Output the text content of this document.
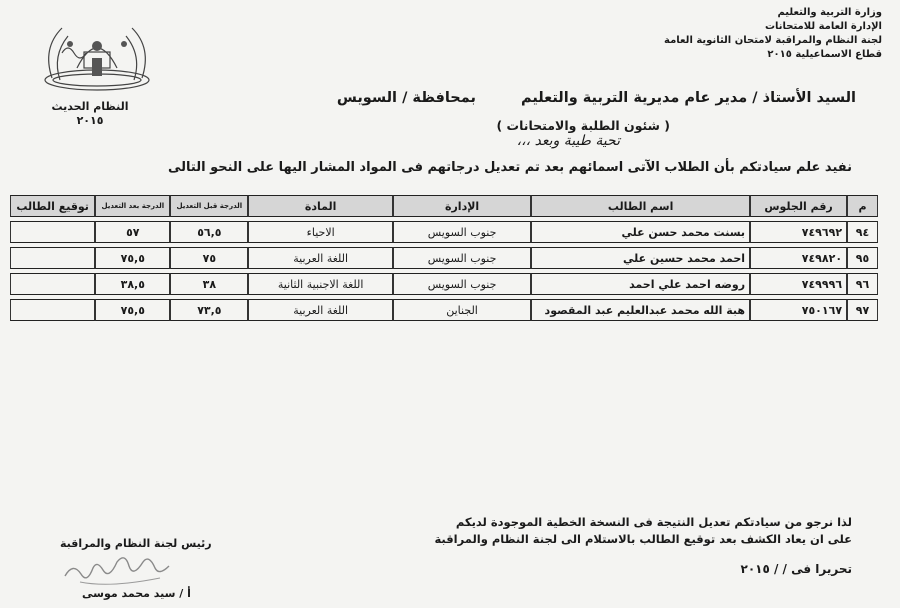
وزارة التربية والتعليم
الإدارة العامة للامتحانات
لجنة النظام والمراقبة لامتحان الثانوية العامة
قطاع الاسماعيلية ٢٠١٥
النظام الحديث
٢٠١٥
السيد الأستاذ / مدير عام مديرية التربية والتعليم بمحافظة / السويس
( شئون الطلبة والامتحانات )
تحية طيبة وبعد ،،،
نفيد علم سيادتكم بأن الطلاب الآتى اسمائهم بعد تم تعديل درجاتهم فى المواد المشار اليها على النحو التالى
م	رقم الجلوس	اسم الطالب	الإدارة	المادة	الدرجة قبل التعديل	الدرجة بعد التعديل	توقيع الطالب
٩٤	٧٤٩٦٩٢	بسنت محمد حسن علي	جنوب السويس	الاحياء	٥٦,٥	٥٧	
٩٥	٧٤٩٨٢٠	احمد محمد حسين علي	جنوب السويس	اللغة العربية	٧٥	٧٥,٥	
٩٦	٧٤٩٩٩٦	روضه احمد علي احمد	جنوب السويس	اللغة الاجنبية الثانية	٣٨	٣٨,٥	
٩٧	٧٥٠١٦٧	هبة الله محمد عبدالعليم عبد المقصود	الجناين	اللغة العربية	٧٣,٥	٧٥,٥	
لذا نرجو من سيادتكم تعديل النتيجة فى النسخة الخطية الموجودة لديكم
على ان يعاد الكشف بعد توقيع الطالب بالاستلام الى لجنة النظام والمراقبة
تحريرا فى / / ٢٠١٥
رئيس لجنة النظام والمراقبة
أ / سيد محمد موسى
